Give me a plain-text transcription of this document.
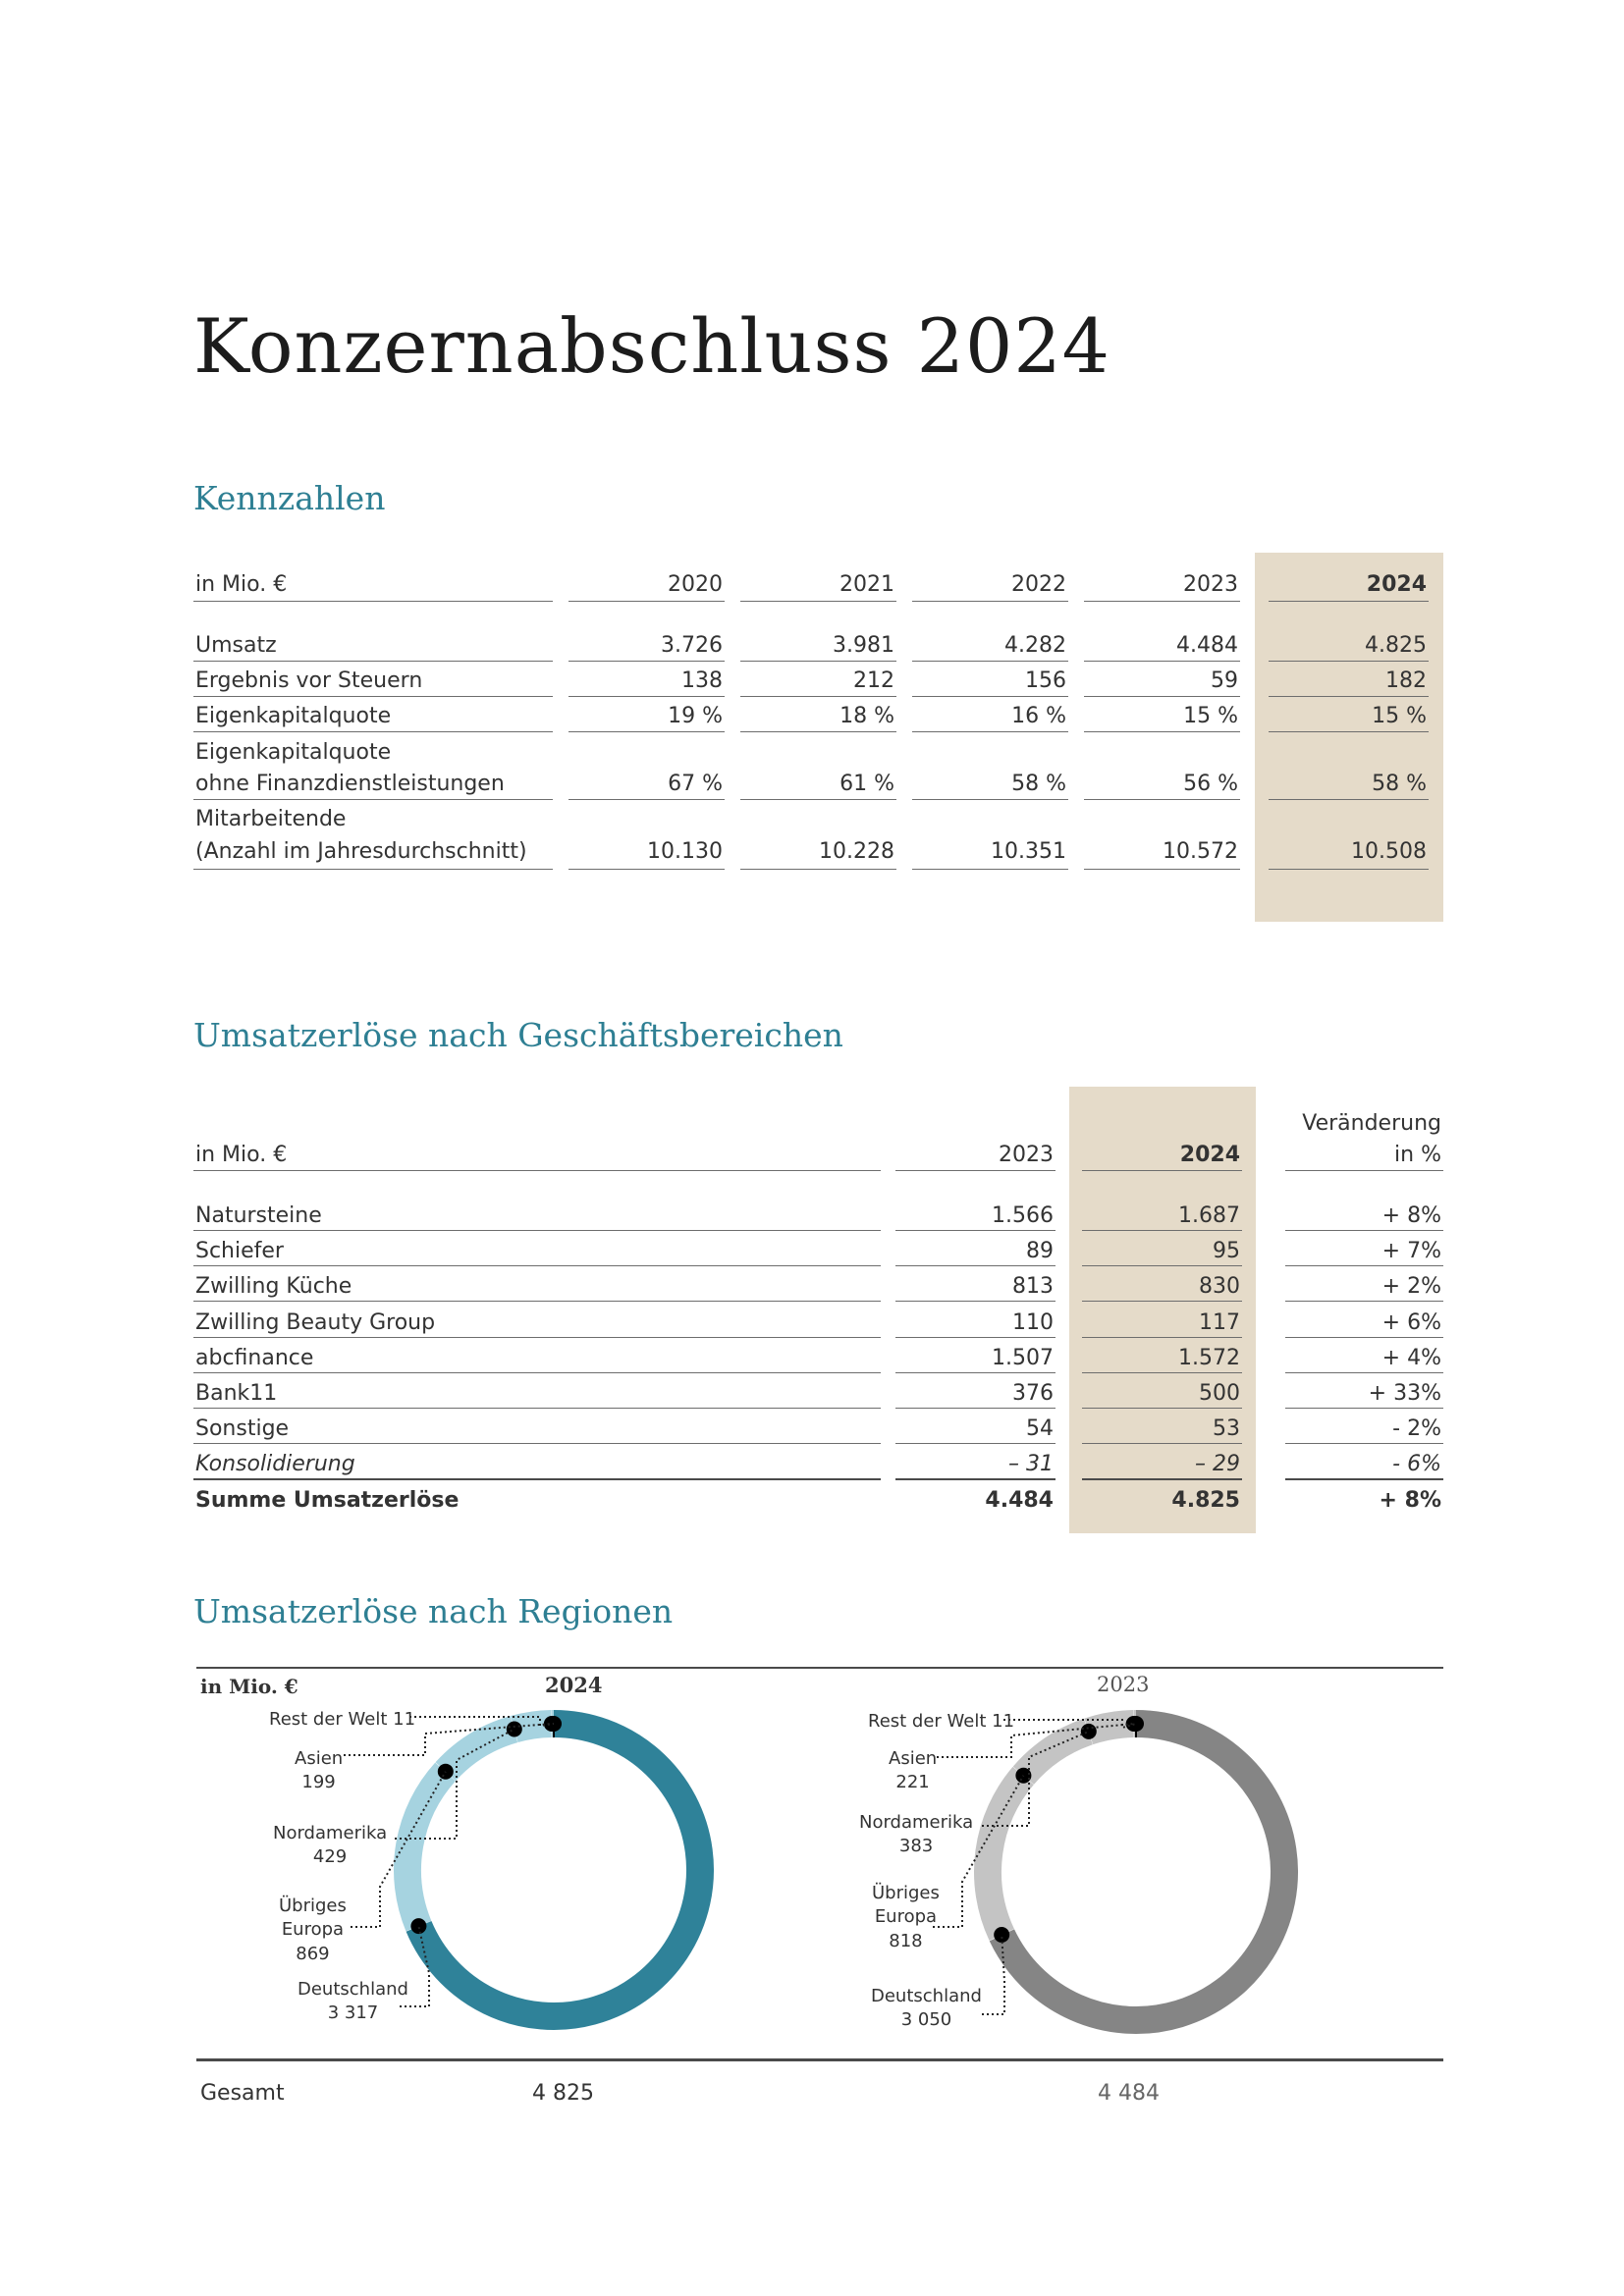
Konzernabschluss 2024
Kennzahlen
in Mio. €	2020	2021	2022	2023	2024
Umsatz	3.726	3.981	4.282	4.484	4.825
Ergebnis vor Steuern	138	212	156	59	182
Eigenkapitalquote	19 %	18 %	16 %	15 %	15 %
Eigenkapitalquote
ohne Finanzdienstleistungen	67 %	61 %	58 %	56 %	58 %
Mitarbeitende
(Anzahl im Jahresdurchschnitt)	10.130	10.228	10.351	10.572	10.508
Umsatzerlöse nach Geschäftsbereichen
Veränderung
in Mio. €	2023	2024	in %
Natursteine	1.566	1.687	+ 8%
Schiefer	89	95	+ 7%
Zwilling Küche	813	830	+ 2%
Zwilling Beauty Group	110	117	+ 6%
abcfinance	1.507	1.572	+ 4%
Bank11	376	500	+ 33%
Sonstige	54	53	- 2%
Konsolidierung	– 31	– 29	- 6%
Summe Umsatzerlöse	4.484	4.825	+ 8%
Umsatzerlöse nach Regionen
in Mio. €	2024	2023
Deutschland
3 317
Übriges
Europa
869
Nordamerika
429
Asien
199
Rest der Welt 11
Deutschland
3 050
Übriges
Europa
818
Nordamerika
383
Asien
221
Rest der Welt 11
Gesamt	4 825	4 484
